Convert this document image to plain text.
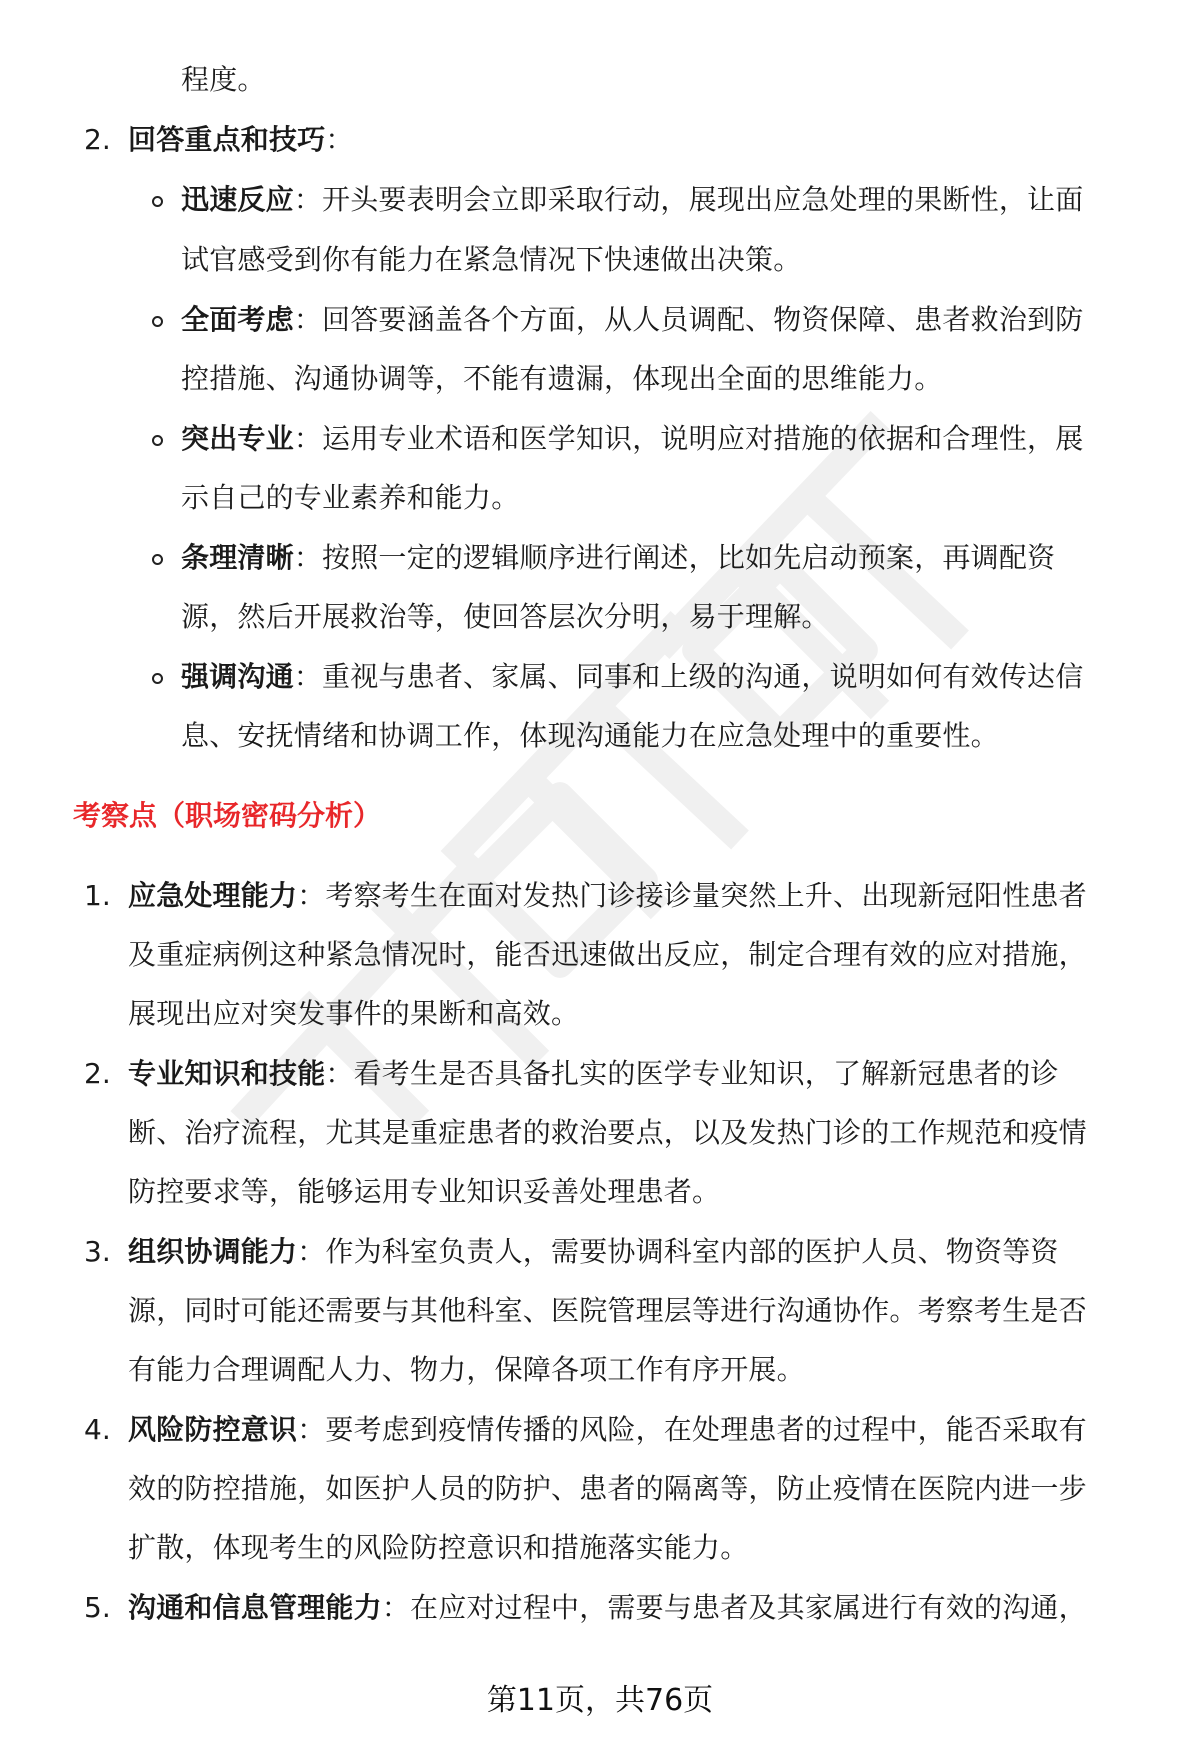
程度。
2. 回答重点和技巧：
迅速反应：开头要表明会立即采取行动，展现出应急处理的果断性，让面
试官感受到你有能力在紧急情况下快速做出决策。
全面考虑：回答要涵盖各个方面，从人员调配、物资保障、患者救治到防
控措施、沟通协调等，不能有遗漏，体现出全面的思维能力。
突出专业：运用专业术语和医学知识，说明应对措施的依据和合理性，展
示自己的专业素养和能力。
条理清晰：按照一定的逻辑顺序进行阐述，比如先启动预案，再调配资
源，然后开展救治等，使回答层次分明，易于理解。
强调沟通：重视与患者、家属、同事和上级的沟通，说明如何有效传达信
息、安抚情绪和协调工作，体现沟通能力在应急处理中的重要性。
考察点（职场密码分析）
1. 应急处理能力：考察考生在面对发热门诊接诊量突然上升、出现新冠阳性患者
及重症病例这种紧急情况时，能否迅速做出反应，制定合理有效的应对措施，
展现出应对突发事件的果断和高效。
2. 专业知识和技能：看考生是否具备扎实的医学专业知识，了解新冠患者的诊
断、治疗流程，尤其是重症患者的救治要点，以及发热门诊的工作规范和疫情
防控要求等，能够运用专业知识妥善处理患者。
3. 组织协调能力：作为科室负责人，需要协调科室内部的医护人员、物资等资
源，同时可能还需要与其他科室、医院管理层等进行沟通协作。考察考生是否
有能力合理调配人力、物力，保障各项工作有序开展。
4. 风险防控意识：要考虑到疫情传播的风险，在处理患者的过程中，能否采取有
效的防控措施，如医护人员的防护、患者的隔离等，防止疫情在医院内进一步
扩散，体现考生的风险防控意识和措施落实能力。
5. 沟通和信息管理能力：在应对过程中，需要与患者及其家属进行有效的沟通，
第11页，共76页
